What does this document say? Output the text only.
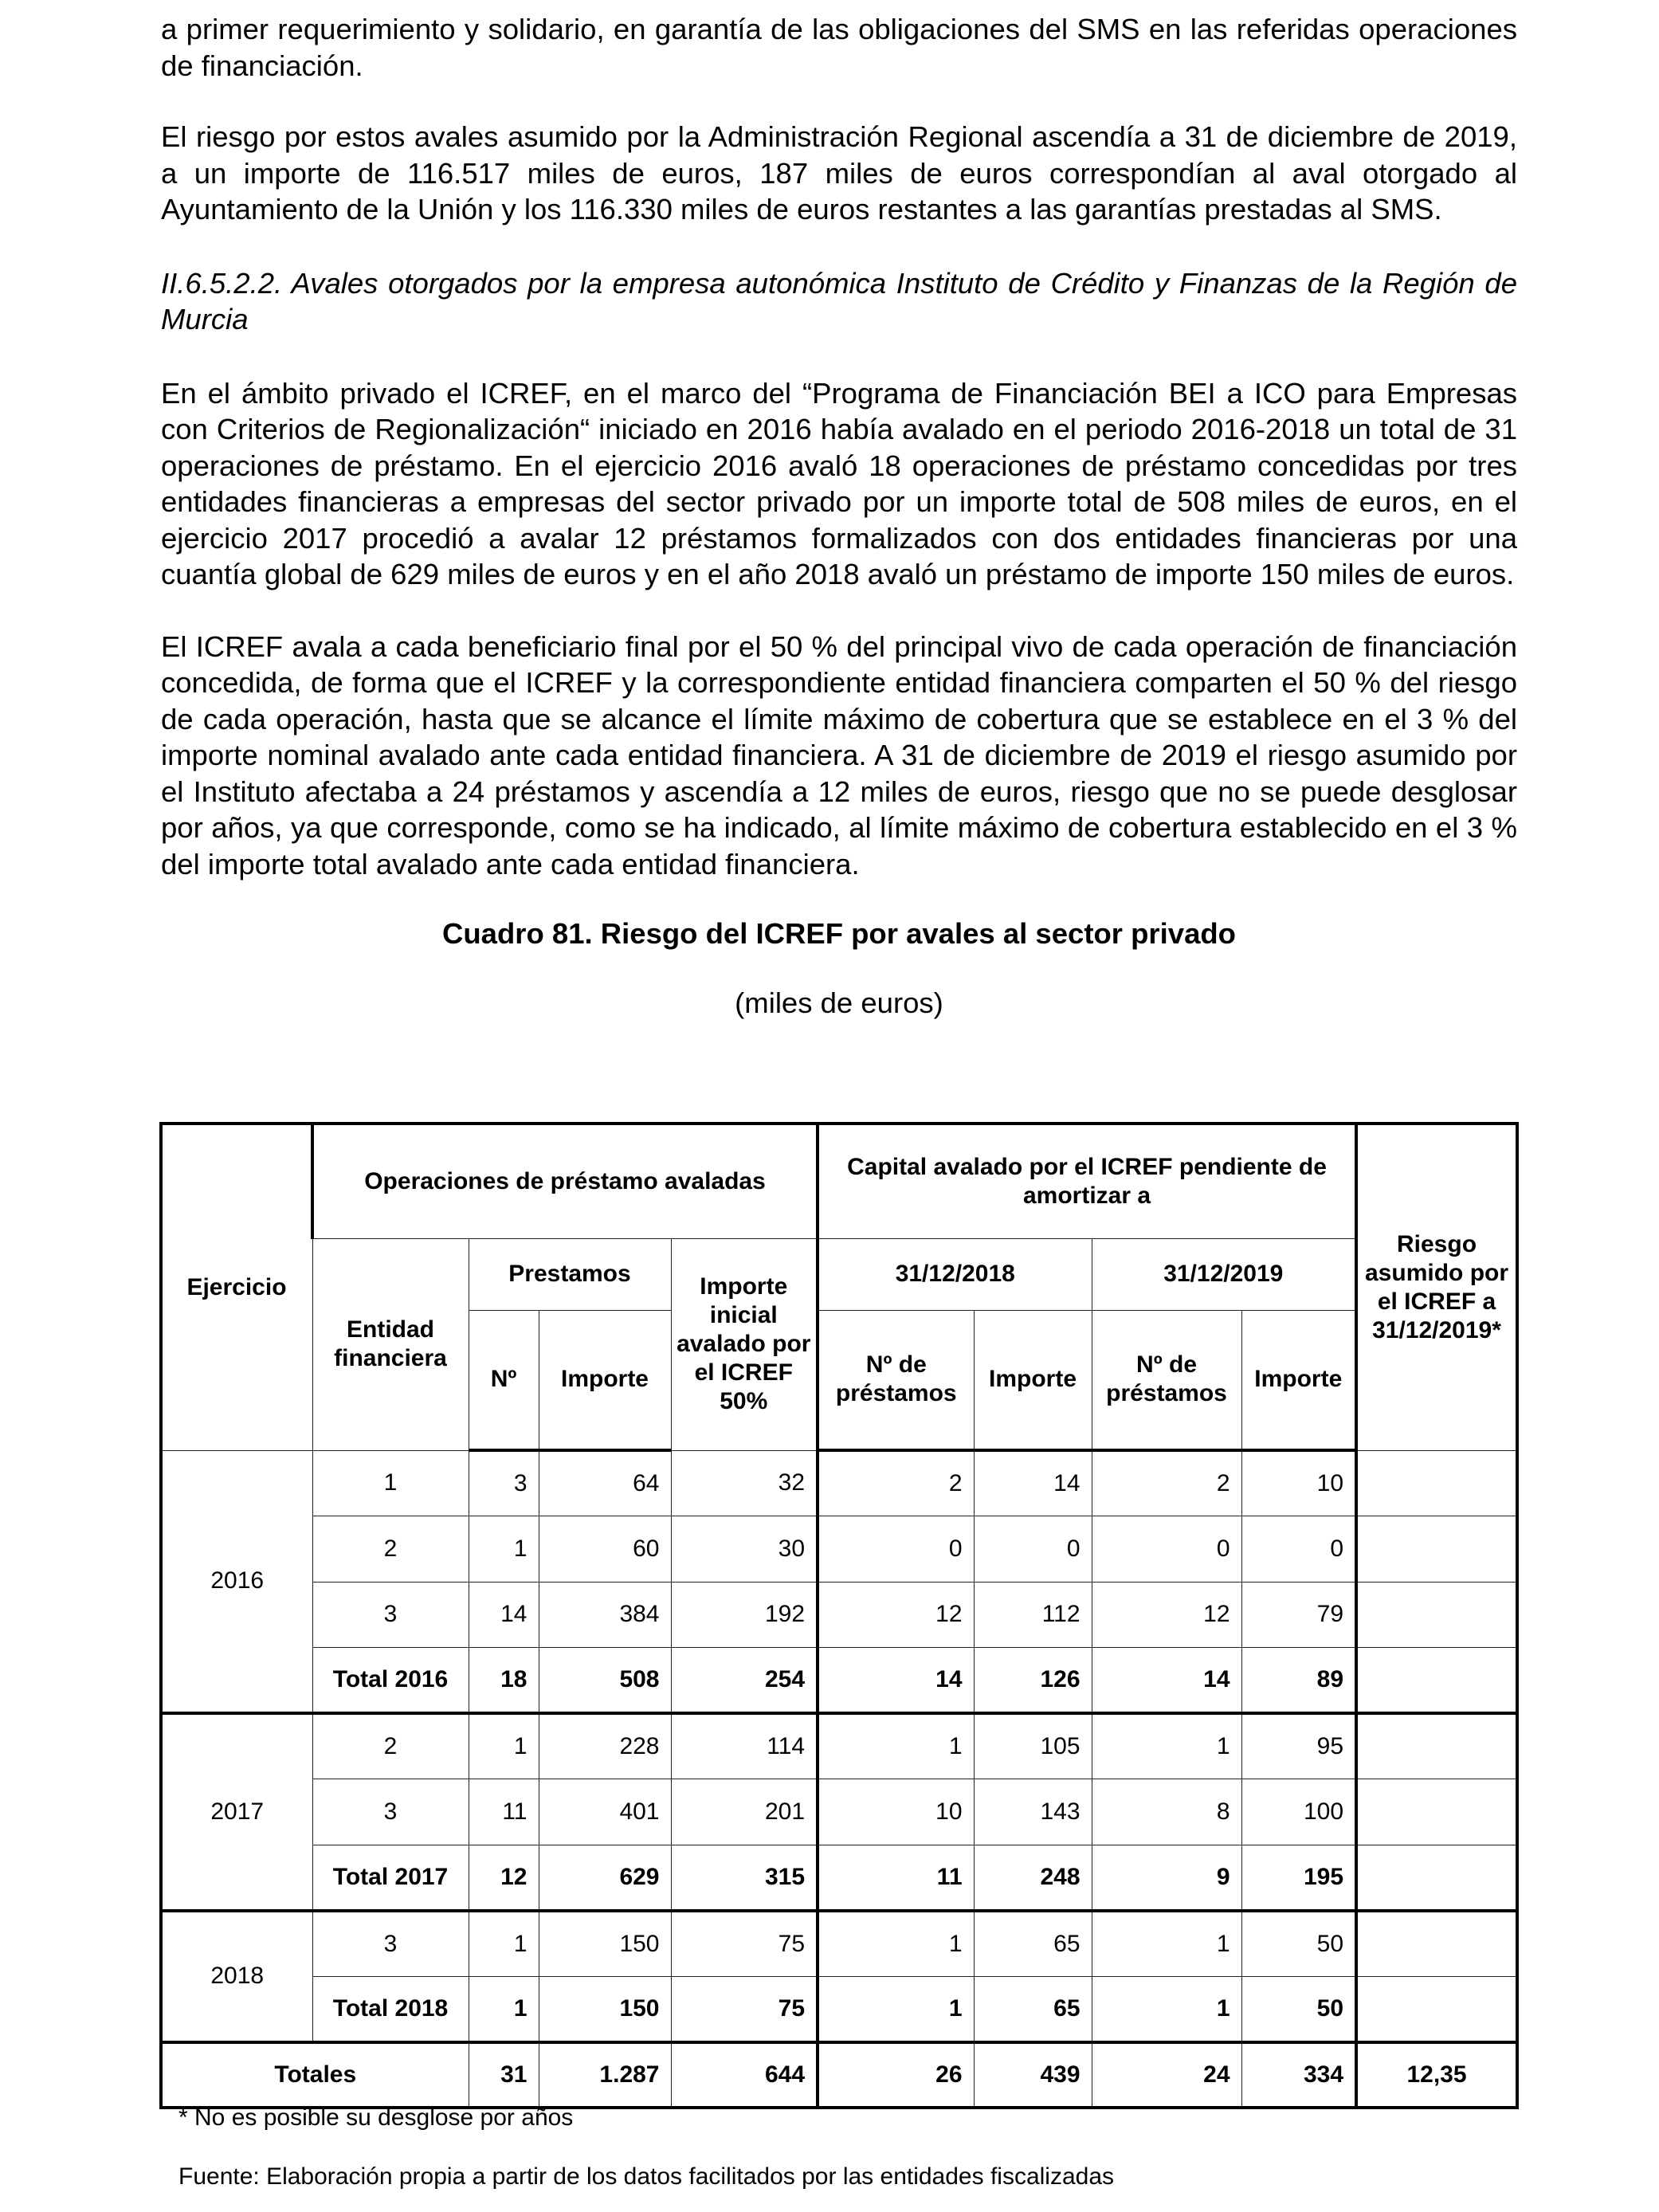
a primer requerimiento y solidario, en garantía de las obligaciones del SMS en las referidas operaciones de financiación.

El riesgo por estos avales asumido por la Administración Regional ascendía a 31 de diciembre de 2019, a un importe de 116.517 miles de euros, 187 miles de euros correspondían al aval otorgado al Ayuntamiento de la Unión y los 116.330 miles de euros restantes a las garantías prestadas al SMS.

II.6.5.2.2. Avales otorgados por la empresa autonómica Instituto de Crédito y Finanzas de la Región de Murcia

En el ámbito privado el ICREF, en el marco del “Programa de Financiación BEI a ICO para Empresas con Criterios de Regionalización“ iniciado en 2016 había avalado en el periodo 2016-2018 un total de 31 operaciones de préstamo. En el ejercicio 2016 avaló 18 operaciones de préstamo concedidas por tres entidades financieras a empresas del sector privado por un importe total de 508 miles de euros, en el ejercicio 2017 procedió a avalar 12 préstamos formalizados con dos entidades financieras por una cuantía global de 629 miles de euros y en el año 2018 avaló un préstamo de importe 150 miles de euros.

El ICREF avala a cada beneficiario final por el 50 % del principal vivo de cada operación de financiación concedida, de forma que el ICREF y la correspondiente entidad financiera comparten el 50 % del riesgo de cada operación, hasta que se alcance el límite máximo de cobertura que se establece en el 3 % del importe nominal avalado ante cada entidad financiera. A 31 de diciembre de 2019 el riesgo asumido por el Instituto afectaba a 24 préstamos y ascendía a 12 miles de euros, riesgo que no se puede desglosar por años, ya que corresponde, como se ha indicado, al límite máximo de cobertura establecido en el 3 % del importe total avalado ante cada entidad financiera.

Cuadro 81. Riesgo del ICREF por avales al sector privado
(miles de euros)
Ejercicio	Operaciones de préstamo avaladas				Capital avalado por el ICREF pendiente de amortizar a				Riesgo asumido por el ICREF a 31/12/2019*
	Entidad financiera	Prestamos		Importe inicial avalado por el ICREF 50%	31/12/2018		31/12/2019		
		Nº	Importe		Nº de préstamos	Importe	Nº de préstamos	Importe	
2016	1	3	64	32	2	14	2	10	
	2	1	60	30	0	0	0	0	
	3	14	384	192	12	112	12	79	
	Total 2016	18	508	254	14	126	14	89	
2017	2	1	228	114	1	105	1	95	
	3	11	401	201	10	143	8	100	
	Total 2017	12	629	315	11	248	9	195	
2018	3	1	150	75	1	65	1	50	
	Total 2018	1	150	75	1	65	1	50	
Totales		31	1.287	644	26	439	24	334	12,35
* No es posible su desglose por años
Fuente: Elaboración propia a partir de los datos facilitados por las entidades fiscalizadas
